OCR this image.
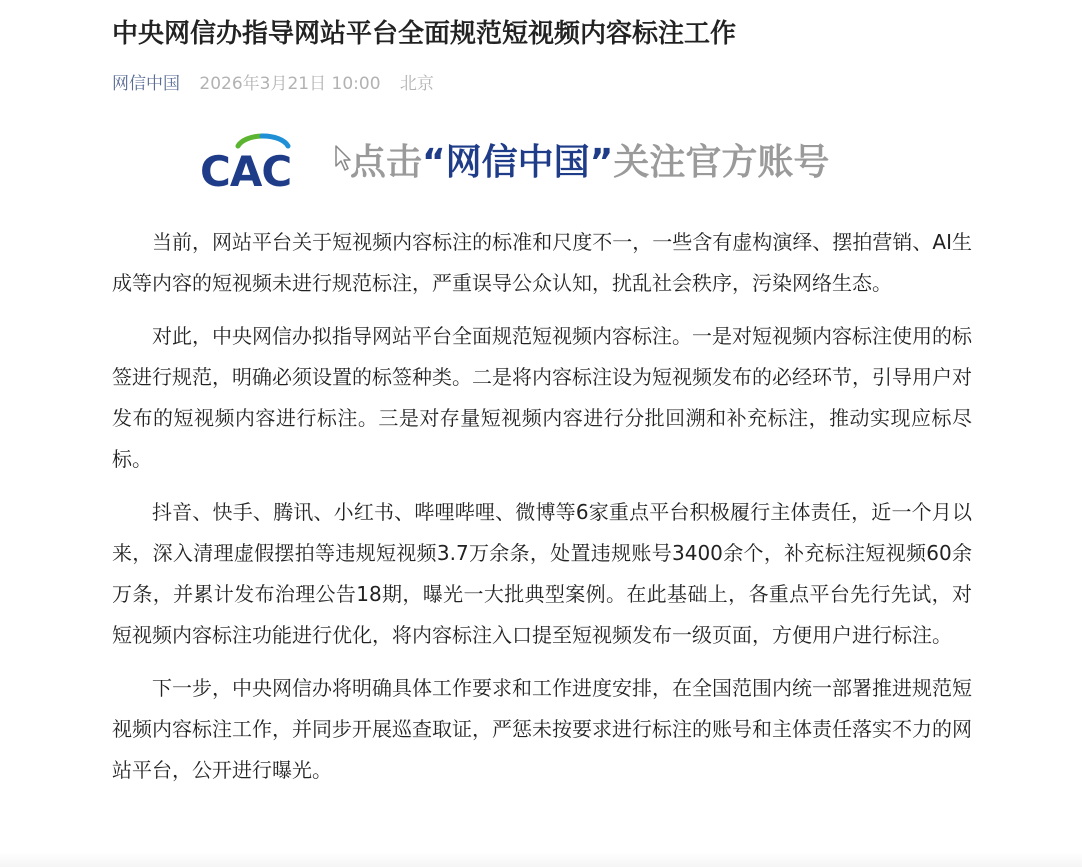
中央网信办指导网站平台全面规范短视频内容标注工作
网信中国 2026年3月21日 10:00 北京
CAC 点击“网信中国”关注官方账号

当前，网站平台关于短视频内容标注的标准和尺度不一，一些含有虚构演绎、摆拍营销、AI生成等内容的短视频未进行规范标注，严重误导公众认知，扰乱社会秩序，污染网络生态。

对此，中央网信办拟指导网站平台全面规范短视频内容标注。一是对短视频内容标注使用的标签进行规范，明确必须设置的标签种类。二是将内容标注设为短视频发布的必经环节，引导用户对发布的短视频内容进行标注。三是对存量短视频内容进行分批回溯和补充标注，推动实现应标尽标。

抖音、快手、腾讯、小红书、哔哩哔哩、微博等6家重点平台积极履行主体责任，近一个月以来，深入清理虚假摆拍等违规短视频3.7万余条，处置违规账号3400余个，补充标注短视频60余万条，并累计发布治理公告18期，曝光一大批典型案例。在此基础上，各重点平台先行先试，对短视频内容标注功能进行优化，将内容标注入口提至短视频发布一级页面，方便用户进行标注。

下一步，中央网信办将明确具体工作要求和工作进度安排，在全国范围内统一部署推进规范短视频内容标注工作，并同步开展巡查取证，严惩未按要求进行标注的账号和主体责任落实不力的网站平台，公开进行曝光。
